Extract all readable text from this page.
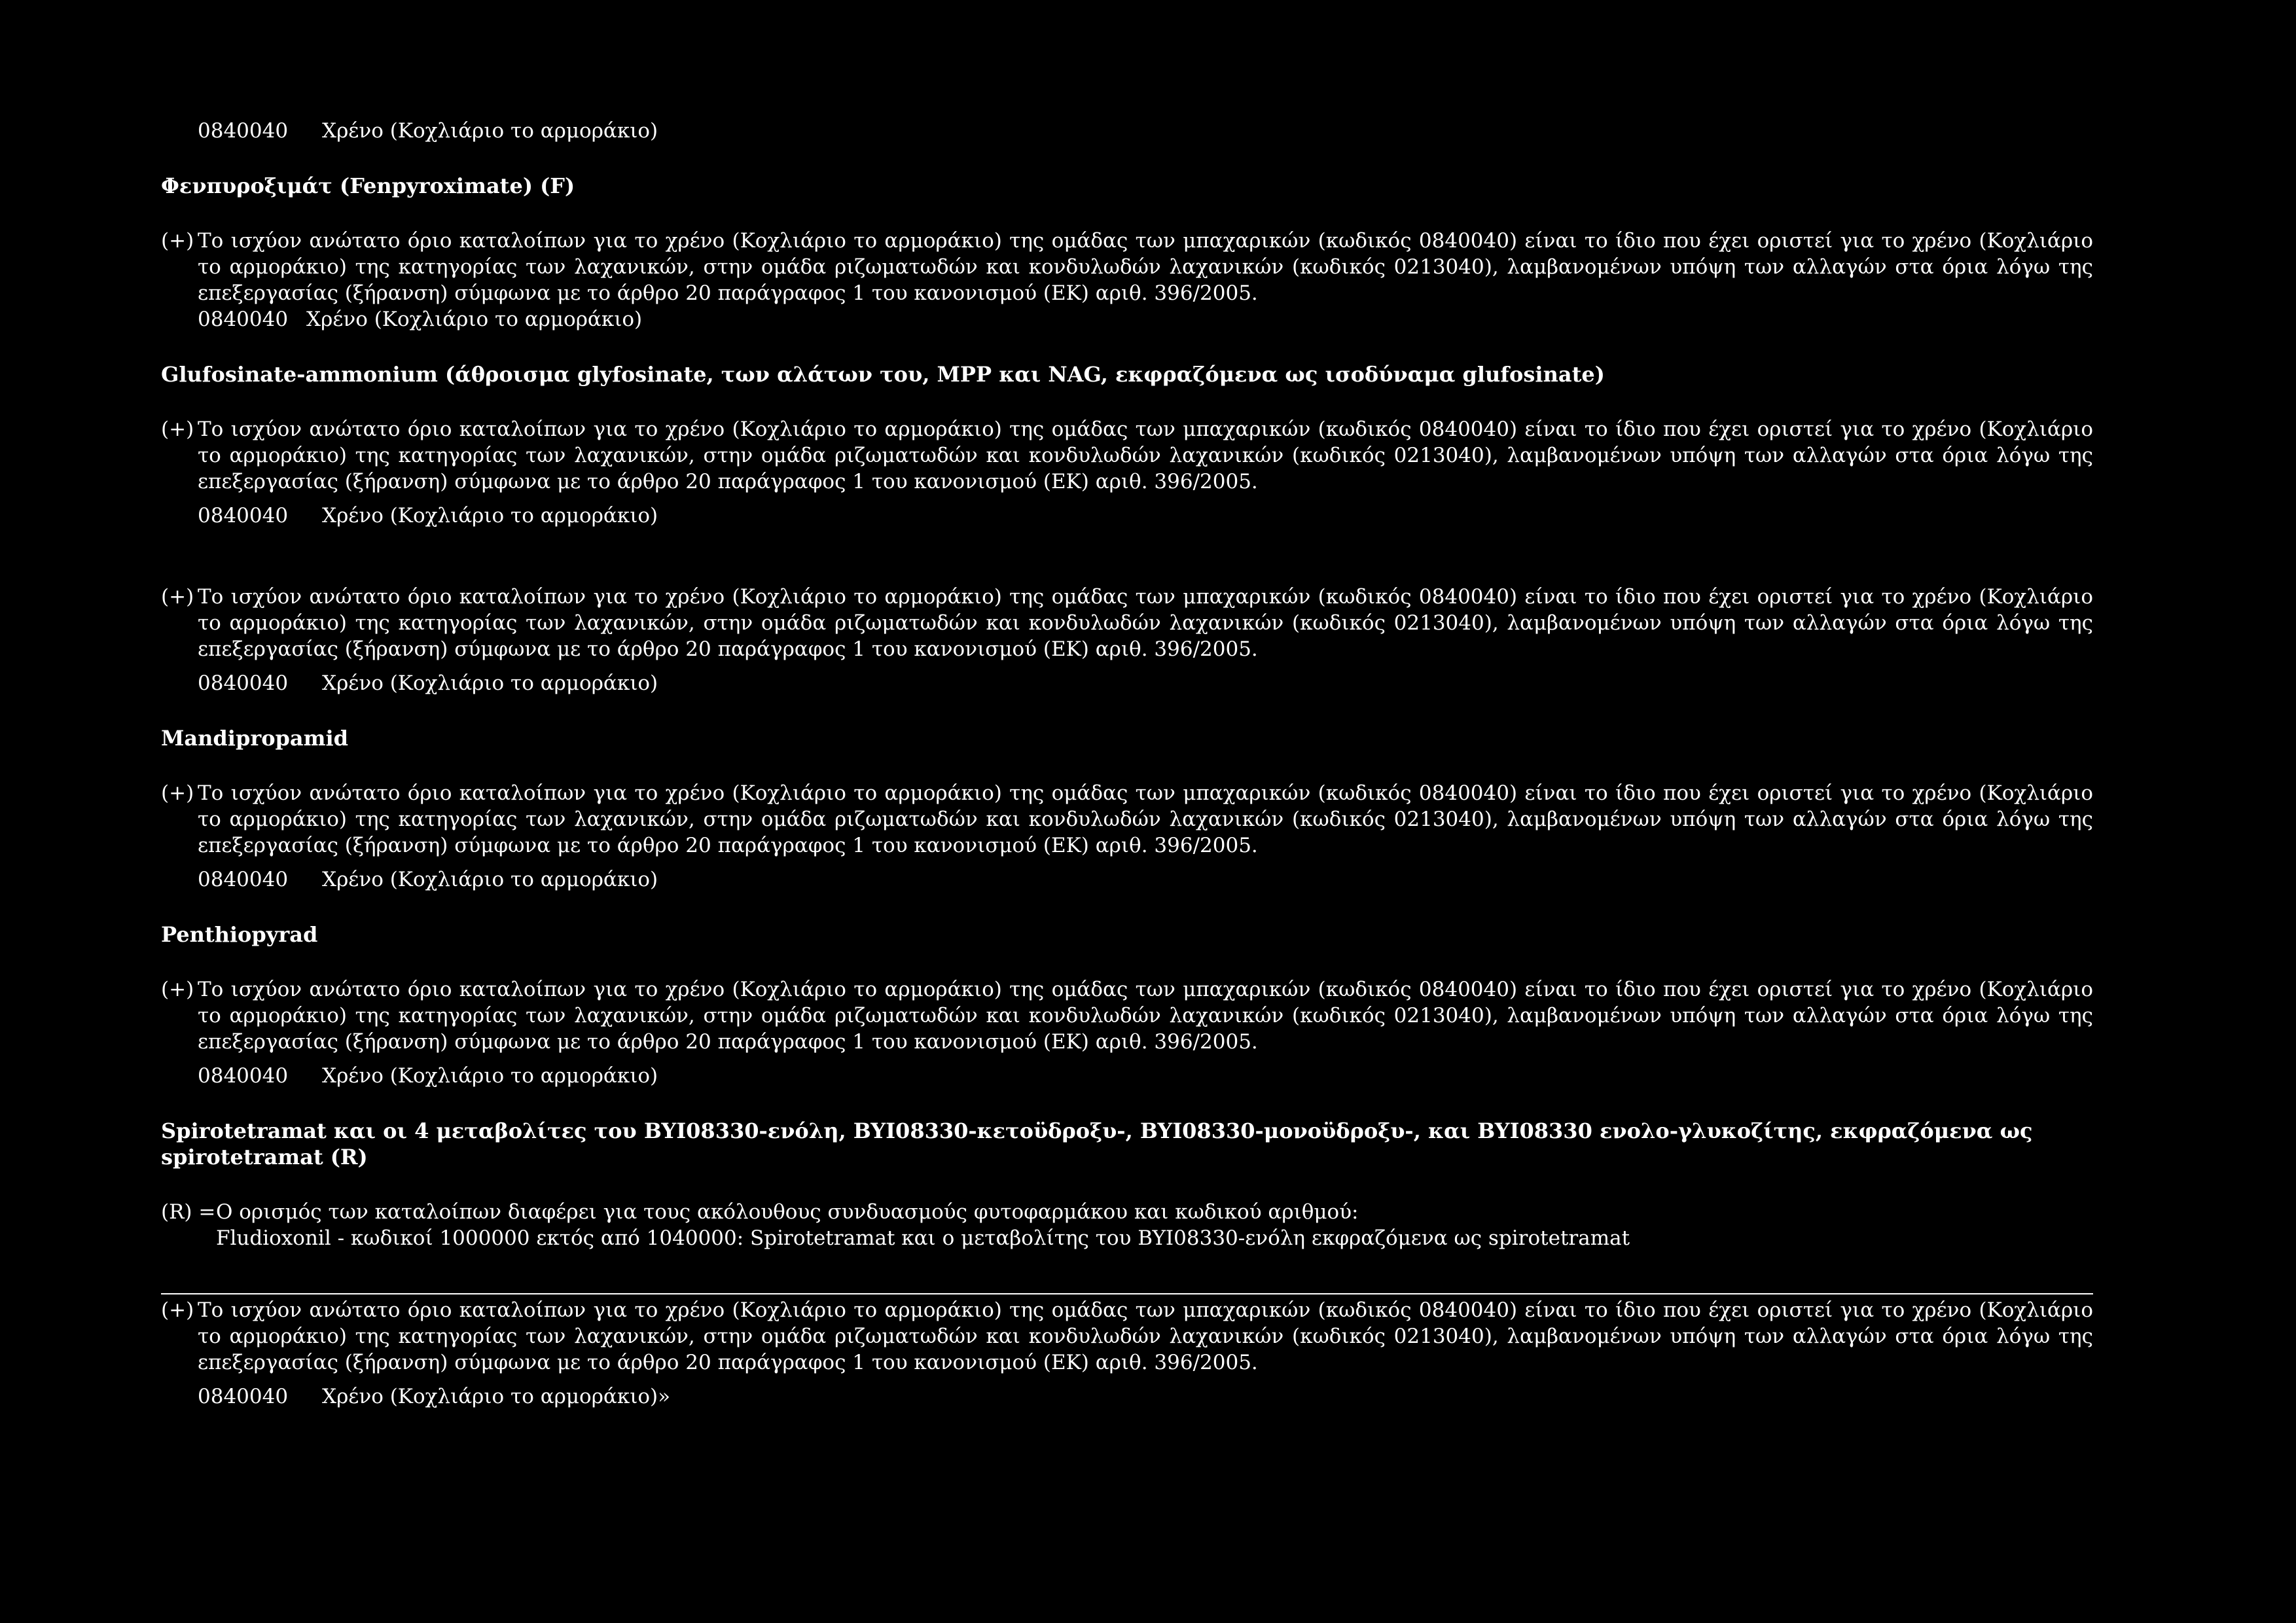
0840040 Χρένο (Κοχλιάριο το αρμοράκιο)
Φενπυροξιμάτ (Fenpyroximate) (F)
(+) Το ισχύον ανώτατο όριο καταλοίπων για το χρένο (Κοχλιάριο το αρμοράκιο) της ομάδας των μπαχαρικών (κωδικός 0840040) είναι το ίδιο που έχει οριστεί για το χρένο (Κοχλιάριο το αρμοράκιο) της κατηγορίας των λαχανικών, στην ομάδα ριζωματωδών και κονδυλωδών λαχανικών (κωδικός 0213040), λαμβανομένων υπόψη των αλλαγών στα όρια λόγω της επεξεργασίας (ξήρανση) σύμφωνα με το άρθρο 20 παράγραφος 1 του κανονισμού (ΕΚ) αριθ. 396/2005.
0840040 Χρένο (Κοχλιάριο το αρμοράκιο)
Glufosinate-ammonium (άθροισμα glyfosinate, των αλάτων του, MPP και NAG, εκφραζόμενα ως ισοδύναμα glufosinate)
(+) Το ισχύον ανώτατο όριο καταλοίπων για το χρένο (Κοχλιάριο το αρμοράκιο) της ομάδας των μπαχαρικών (κωδικός 0840040) είναι το ίδιο που έχει οριστεί για το χρένο (Κοχλιάριο το αρμοράκιο) της κατηγορίας των λαχανικών, στην ομάδα ριζωματωδών και κονδυλωδών λαχανικών (κωδικός 0213040), λαμβανομένων υπόψη των αλλαγών στα όρια λόγω της επεξεργασίας (ξήρανση) σύμφωνα με το άρθρο 20 παράγραφος 1 του κανονισμού (ΕΚ) αριθ. 396/2005.
0840040 Χρένο (Κοχλιάριο το αρμοράκιο)
(+) Το ισχύον ανώτατο όριο καταλοίπων για το χρένο (Κοχλιάριο το αρμοράκιο) της ομάδας των μπαχαρικών (κωδικός 0840040) είναι το ίδιο που έχει οριστεί για το χρένο (Κοχλιάριο το αρμοράκιο) της κατηγορίας των λαχανικών, στην ομάδα ριζωματωδών και κονδυλωδών λαχανικών (κωδικός 0213040), λαμβανομένων υπόψη των αλλαγών στα όρια λόγω της επεξεργασίας (ξήρανση) σύμφωνα με το άρθρο 20 παράγραφος 1 του κανονισμού (ΕΚ) αριθ. 396/2005.
0840040 Χρένο (Κοχλιάριο το αρμοράκιο)
Mandipropamid
(+) Το ισχύον ανώτατο όριο καταλοίπων για το χρένο (Κοχλιάριο το αρμοράκιο) της ομάδας των μπαχαρικών (κωδικός 0840040) είναι το ίδιο που έχει οριστεί για το χρένο (Κοχλιάριο το αρμοράκιο) της κατηγορίας των λαχανικών, στην ομάδα ριζωματωδών και κονδυλωδών λαχανικών (κωδικός 0213040), λαμβανομένων υπόψη των αλλαγών στα όρια λόγω της επεξεργασίας (ξήρανση) σύμφωνα με το άρθρο 20 παράγραφος 1 του κανονισμού (ΕΚ) αριθ. 396/2005.
0840040 Χρένο (Κοχλιάριο το αρμοράκιο)
Penthiopyrad
(+) Το ισχύον ανώτατο όριο καταλοίπων για το χρένο (Κοχλιάριο το αρμοράκιο) της ομάδας των μπαχαρικών (κωδικός 0840040) είναι το ίδιο που έχει οριστεί για το χρένο (Κοχλιάριο το αρμοράκιο) της κατηγορίας των λαχανικών, στην ομάδα ριζωματωδών και κονδυλωδών λαχανικών (κωδικός 0213040), λαμβανομένων υπόψη των αλλαγών στα όρια λόγω της επεξεργασίας (ξήρανση) σύμφωνα με το άρθρο 20 παράγραφος 1 του κανονισμού (ΕΚ) αριθ. 396/2005.
0840040 Χρένο (Κοχλιάριο το αρμοράκιο)
Spirotetramat και οι 4 μεταβολίτες του BYI08330-ενόλη, BYI08330-κετοϋδροξυ-, BYI08330-μονοϋδροξυ-, και BYI08330 ενολο-γλυκοζίτης, εκφραζόμενα ως spirotetramat (R)
(R) = Ο ορισμός των καταλοίπων διαφέρει για τους ακόλουθους συνδυασμούς φυτοφαρμάκου και κωδικού αριθμού:
Fludioxonil - κωδικοί 1000000 εκτός από 1040000: Spirotetramat και ο μεταβολίτης του BYI08330-ενόλη εκφραζόμενα ως spirotetramat
(+) Το ισχύον ανώτατο όριο καταλοίπων για το χρένο (Κοχλιάριο το αρμοράκιο) της ομάδας των μπαχαρικών (κωδικός 0840040) είναι το ίδιο που έχει οριστεί για το χρένο (Κοχλιάριο το αρμοράκιο) της κατηγορίας των λαχανικών, στην ομάδα ριζωματωδών και κονδυλωδών λαχανικών (κωδικός 0213040), λαμβανομένων υπόψη των αλλαγών στα όρια λόγω της επεξεργασίας (ξήρανση) σύμφωνα με το άρθρο 20 παράγραφος 1 του κανονισμού (ΕΚ) αριθ. 396/2005.
0840040 Χρένο (Κοχλιάριο το αρμοράκιο)»
